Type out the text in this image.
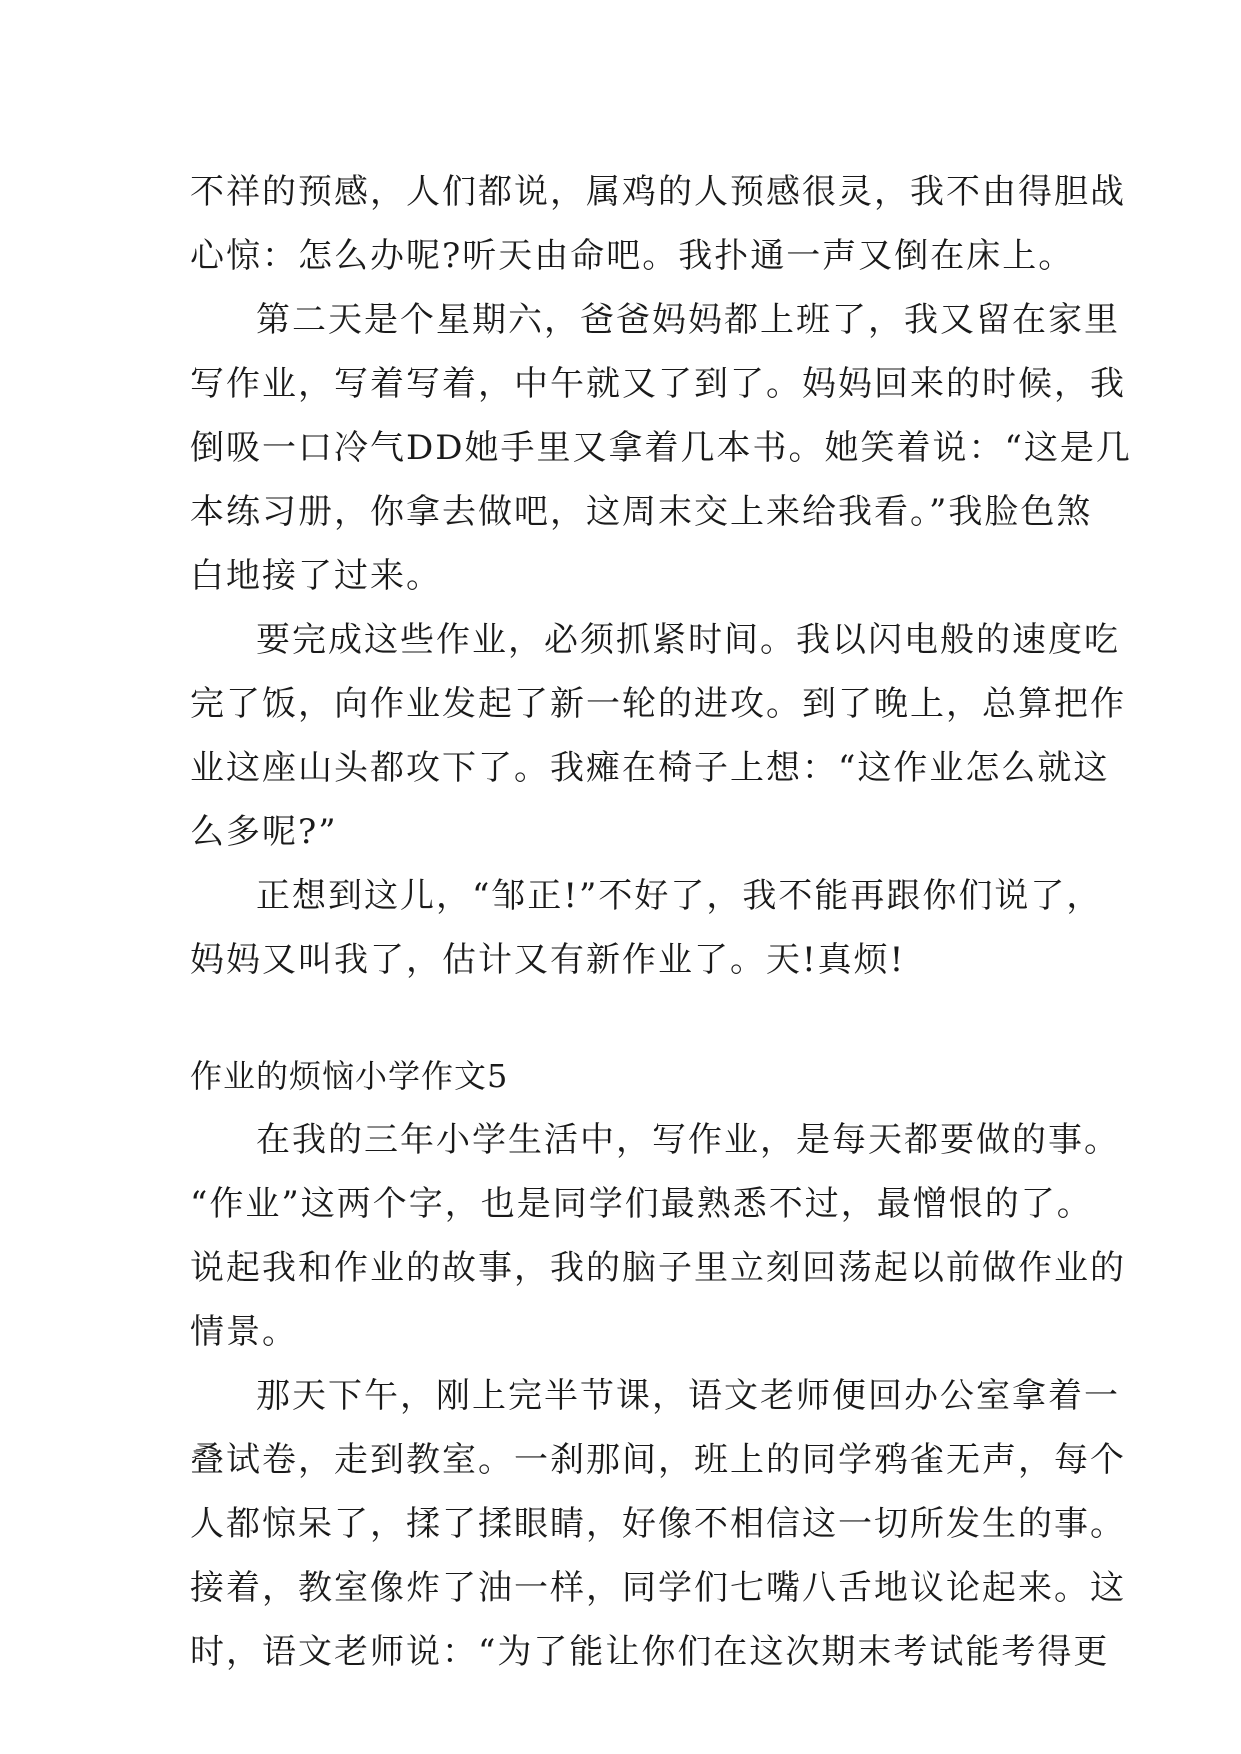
不祥的预感，人们都说，属鸡的人预感很灵，我不由得胆战
心惊：怎么办呢?听天由命吧。我扑通一声又倒在床上。
第二天是个星期六，爸爸妈妈都上班了，我又留在家里
写作业，写着写着，中午就又了到了。妈妈回来的时候，我
倒吸一口冷气DD她手里又拿着几本书。她笑着说：“这是几
本练习册，你拿去做吧，这周末交上来给我看。”我脸色煞
白地接了过来。
要完成这些作业，必须抓紧时间。我以闪电般的速度吃
完了饭，向作业发起了新一轮的进攻。到了晚上，总算把作
业这座山头都攻下了。我瘫在椅子上想：“这作业怎么就这
么多呢?”
正想到这儿，“邹正!”不好了，我不能再跟你们说了，
妈妈又叫我了，估计又有新作业了。天!真烦!
作业的烦恼小学作文5
在我的三年小学生活中，写作业，是每天都要做的事。
“作业”这两个字，也是同学们最熟悉不过，最憎恨的了。
说起我和作业的故事，我的脑子里立刻回荡起以前做作业的
情景。
那天下午，刚上完半节课，语文老师便回办公室拿着一
叠试卷，走到教室。一刹那间，班上的同学鸦雀无声，每个
人都惊呆了，揉了揉眼睛，好像不相信这一切所发生的事。
接着，教室像炸了油一样，同学们七嘴八舌地议论起来。这
时，语文老师说：“为了能让你们在这次期末考试能考得更
